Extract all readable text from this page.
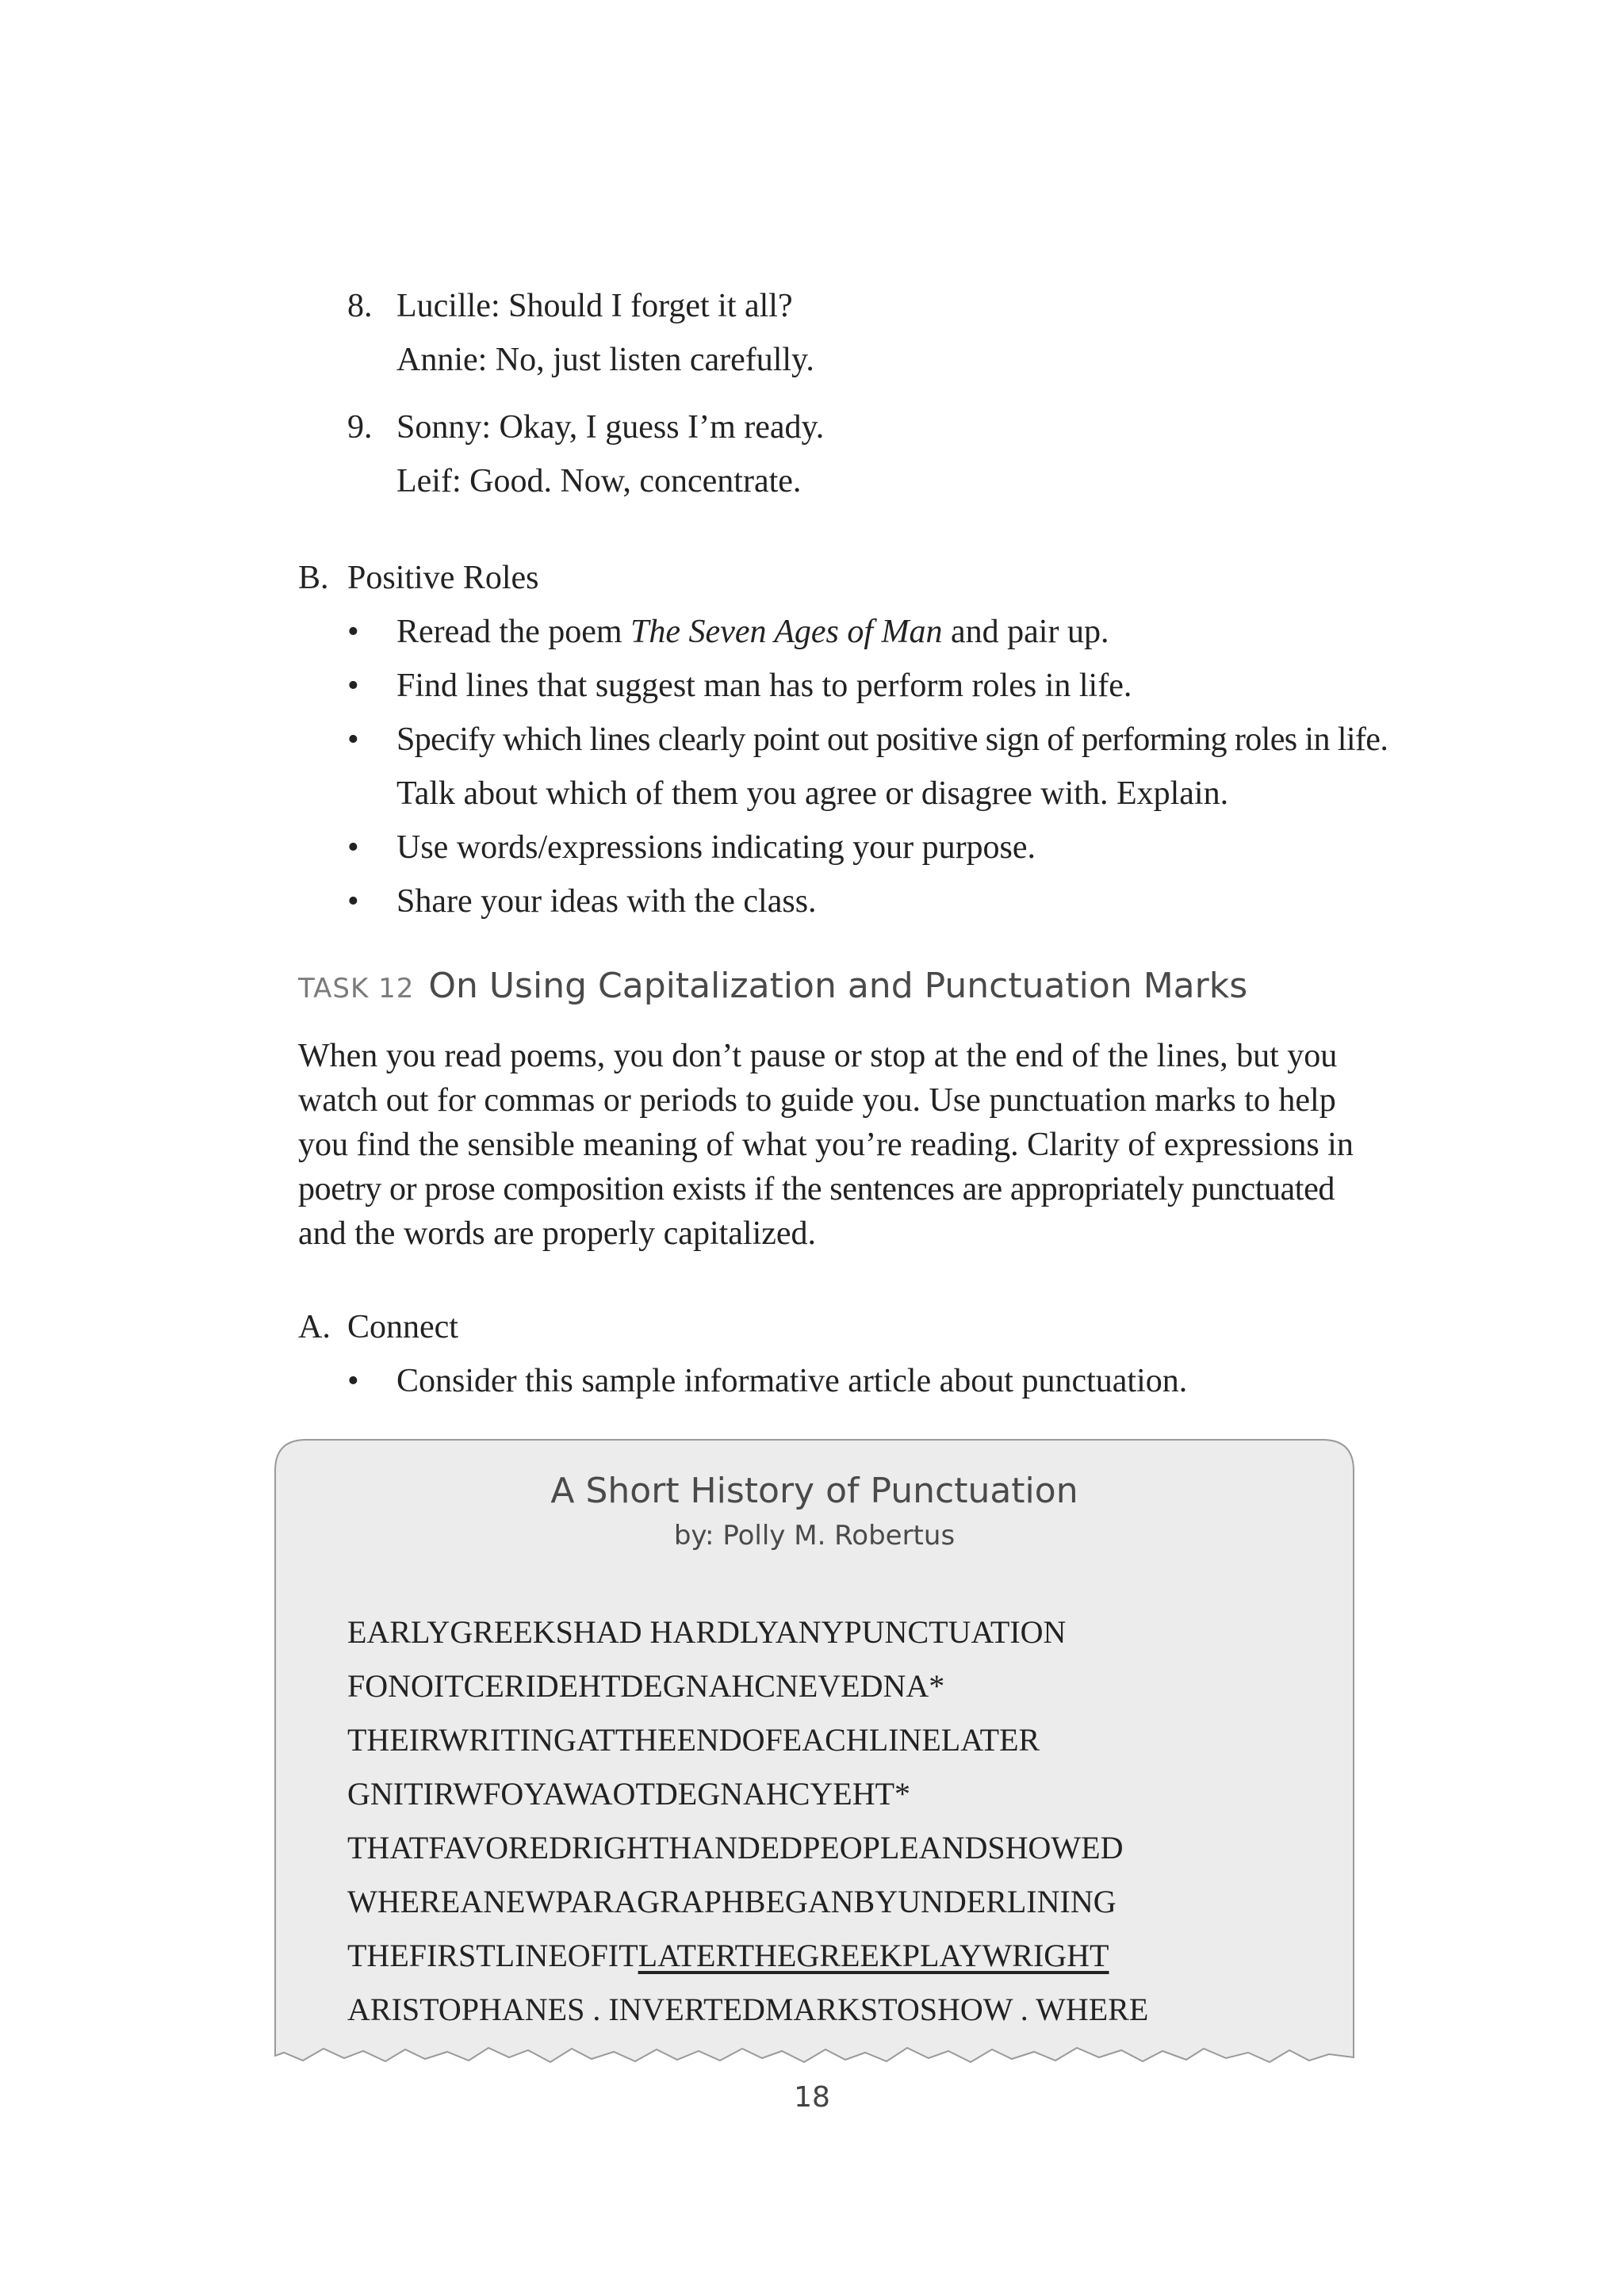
8. Lucille: Should I forget it all?
Annie: No, just listen carefully.
9. Sonny: Okay, I guess I’m ready.
Leif: Good. Now, concentrate.
B. Positive Roles
• Reread the poem The Seven Ages of Man and pair up.
• Find lines that suggest man has to perform roles in life.
• Specify which lines clearly point out positive sign of performing roles in life.
Talk about which of them you agree or disagree with. Explain.
• Use words/expressions indicating your purpose.
• Share your ideas with the class.
TASK 12 On Using Capitalization and Punctuation Marks
When you read poems, you don’t pause or stop at the end of the lines, but you
watch out for commas or periods to guide you. Use punctuation marks to help
you find the sensible meaning of what you’re reading. Clarity of expressions in
poetry or prose composition exists if the sentences are appropriately punctuated
and the words are properly capitalized.
A. Connect
• Consider this sample informative article about punctuation.
A Short History of Punctuation
by: Polly M. Robertus
EARLYGREEKSHAD HARDLYANYPUNCTUATION
FONOITCERIDEHTDEGNAHCNEVEDNA*
THEIRWRITINGATTHEENDOFEACHLINELATER
GNITIRWFOYAWAOTDEGNAHCYEHT*
THATFAVOREDRIGHTHANDEDPEOPLEANDSHOWED
WHEREANEWPARAGRAPHBEGANBYUNDERLINING
THEFIRSTLINEOFITLATERTHEGREEKPLAYWRIGHT
ARISTOPHANES . INVERTEDMARKSTOSHOW . WHERE
18
